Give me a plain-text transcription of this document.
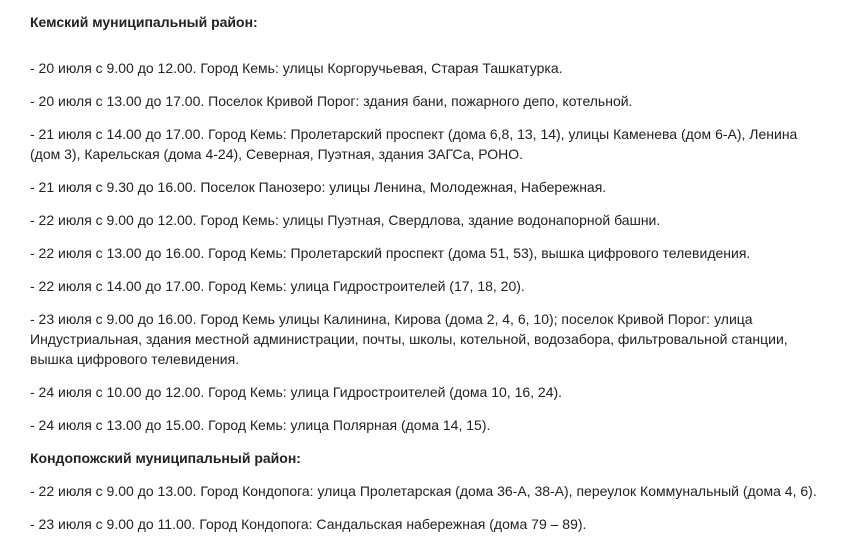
Кемский муниципальный район:

- 20 июля с 9.00 до 12.00. Город Кемь: улицы Коргоручьевая, Старая Ташкатурка.

- 20 июля с 13.00 до 17.00. Поселок Кривой Порог: здания бани, пожарного депо, котельной.

- 21 июля с 14.00 до 17.00. Город Кемь: Пролетарский проспект (дома 6,8, 13, 14), улицы Каменева (дом 6-А), Ленина (дом 3), Карельская (дома 4-24), Северная, Пуэтная, здания ЗАГСа, РОНО.

- 21 июля с 9.30 до 16.00. Поселок Панозеро: улицы Ленина, Молодежная, Набережная.

- 22 июля с 9.00 до 12.00. Город Кемь: улицы Пуэтная, Свердлова, здание водонапорной башни.

- 22 июля с 13.00 до 16.00. Город Кемь: Пролетарский проспект (дома 51, 53), вышка цифрового телевидения.

- 22 июля с 14.00 до 17.00. Город Кемь: улица Гидростроителей (17, 18, 20).

- 23 июля с 9.00 до 16.00. Город Кемь улицы Калинина, Кирова (дома 2, 4, 6, 10); поселок Кривой Порог: улица Индустриальная, здания местной администрации, почты, школы, котельной, водозабора, фильтровальной станции, вышка цифрового телевидения.

- 24 июля с 10.00 до 12.00. Город Кемь: улица Гидростроителей (дома 10, 16, 24).

- 24 июля с 13.00 до 15.00. Город Кемь: улица Полярная (дома 14, 15).

Кондопожский муниципальный район:

- 22 июля с 9.00 до 13.00. Город Кондопога: улица Пролетарская (дома 36-А, 38-А), переулок Коммунальный (дома 4, 6).

- 23 июля с 9.00 до 11.00. Город Кондопога: Сандальская набережная (дома 79 – 89).
